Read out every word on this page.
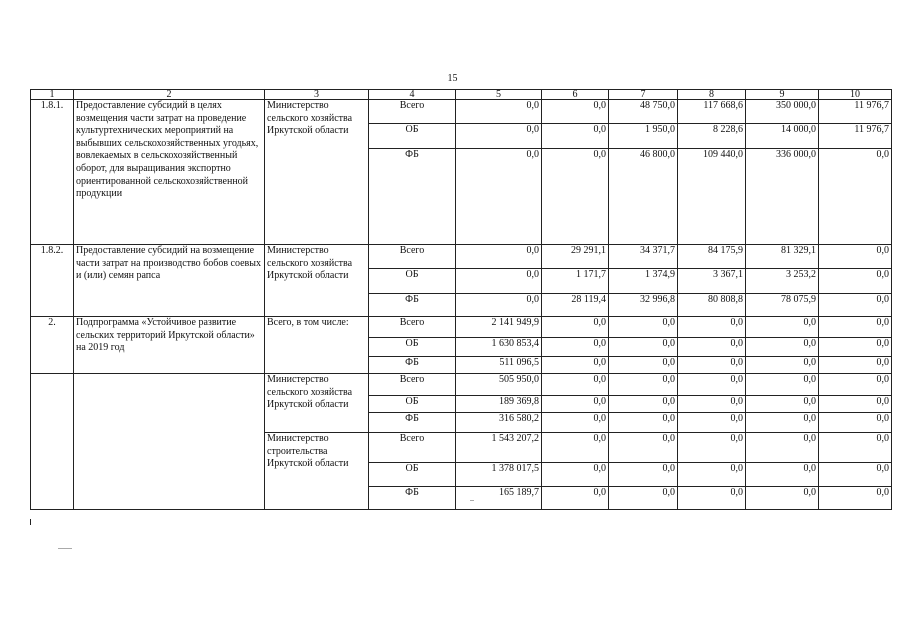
15
1	2	3	4	5	6	7	8	9	10
1.8.1.	Предоставление субсидий в целях возмещения части затрат на проведение культуртехнических мероприятий на выбывших сельскохозяйственных угодьях, вовлекаемых в сельскохозяйственный оборот, для выращивания экспортно ориентированной сельскохозяйственной продукции	Министерство сельского хозяйства Иркутской области	Всего	0,0	0,0	48 750,0	117 668,6	350 000,0	11 976,7
			ОБ	0,0	0,0	1 950,0	8 228,6	14 000,0	11 976,7
			ФБ	0,0	0,0	46 800,0	109 440,0	336 000,0	0,0
1.8.2.	Предоставление субсидий на возмещение части затрат на производство бобов соевых и (или) семян рапса	Министерство сельского хозяйства Иркутской области	Всего	0,0	29 291,1	34 371,7	84 175,9	81 329,1	0,0
			ОБ	0,0	1 171,7	1 374,9	3 367,1	3 253,2	0,0
			ФБ	0,0	28 119,4	32 996,8	80 808,8	78 075,9	0,0
2.	Подпрограмма «Устойчивое развитие сельских территорий Иркутской области» на 2019 год	Всего, в том числе:	Всего	2 141 949,9	0,0	0,0	0,0	0,0	0,0
			ОБ	1 630 853,4	0,0	0,0	0,0	0,0	0,0
			ФБ	511 096,5	0,0	0,0	0,0	0,0	0,0
		Министерство сельского хозяйства Иркутской области	Всего	505 950,0	0,0	0,0	0,0	0,0	0,0
			ОБ	189 369,8	0,0	0,0	0,0	0,0	0,0
			ФБ	316 580,2	0,0	0,0	0,0	0,0	0,0
		Министерство строительства Иркутской области	Всего	1 543 207,2	0,0	0,0	0,0	0,0	0,0
			ОБ	1 378 017,5	0,0	0,0	0,0	0,0	0,0
			ФБ	165 189,7	0,0	0,0	0,0	0,0	0,0
